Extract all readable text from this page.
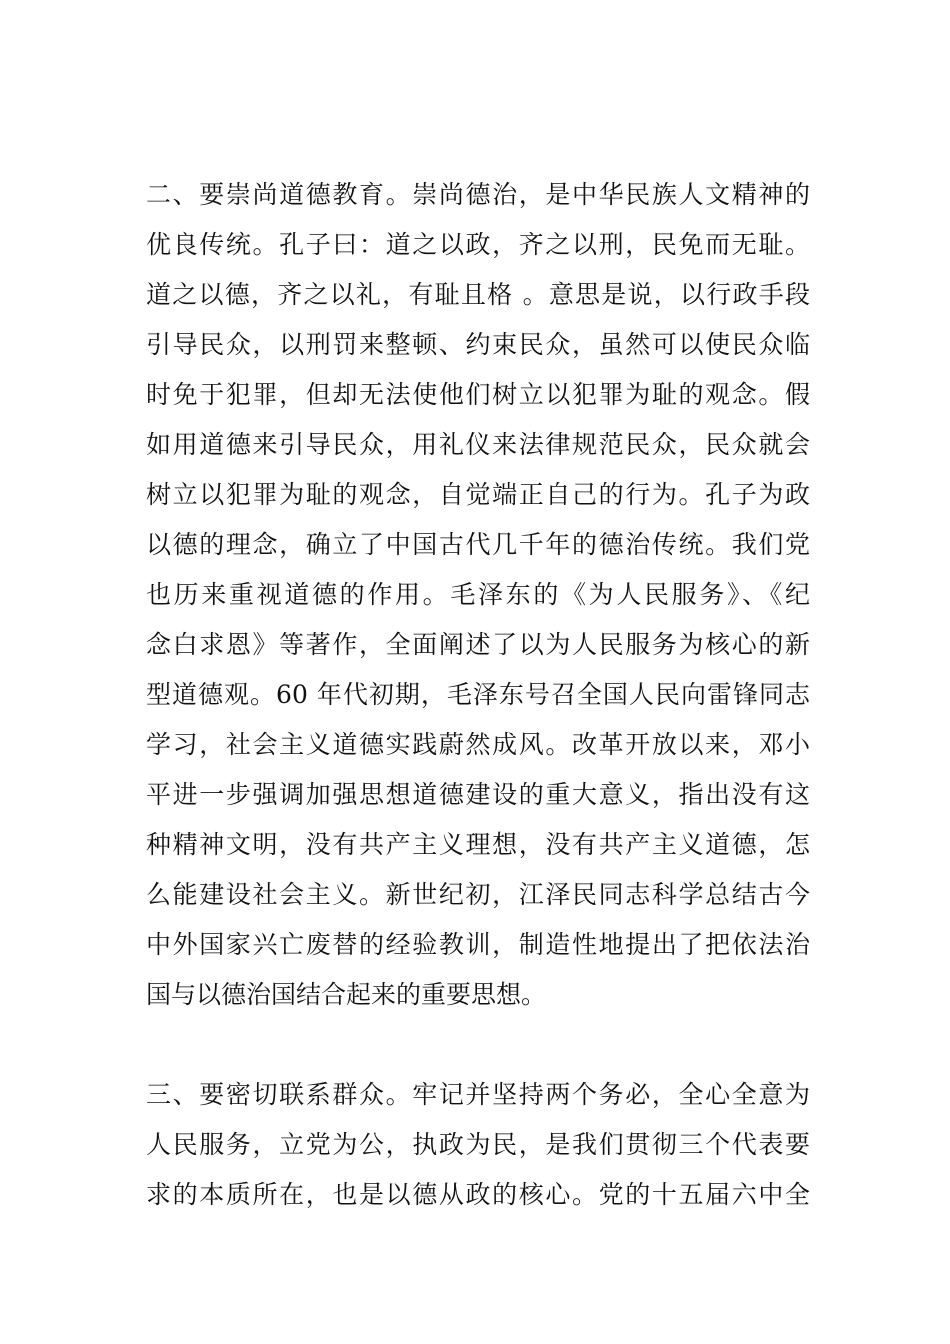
二、要崇尚道德教育。崇尚德治，是中华民族人文精神的
优良传统。孔子曰：道之以政，齐之以刑，民免而无耻。
道之以德，齐之以礼，有耻且格 。意思是说，以行政手段
引导民众，以刑罚来整顿、约束民众，虽然可以使民众临
时免于犯罪，但却无法使他们树立以犯罪为耻的观念。假
如用道德来引导民众，用礼仪来法律规范民众，民众就会
树立以犯罪为耻的观念，自觉端正自己的行为。孔子为政
以德的理念，确立了中国古代几千年的德治传统。我们党
也历来重视道德的作用。毛泽东的《为人民服务》、《纪
念白求恩》等著作，全面阐述了以为人民服务为核心的新
型道德观。60 年代初期，毛泽东号召全国人民向雷锋同志
学习，社会主义道德实践蔚然成风。改革开放以来，邓小
平进一步强调加强思想道德建设的重大意义，指出没有这
种精神文明，没有共产主义理想，没有共产主义道德，怎
么能建设社会主义。新世纪初，江泽民同志科学总结古今
中外国家兴亡废替的经验教训，制造性地提出了把依法治
国与以德治国结合起来的重要思想。
三、要密切联系群众。牢记并坚持两个务必，全心全意为
人民服务，立党为公，执政为民，是我们贯彻三个代表要
求的本质所在，也是以德从政的核心。党的十五届六中全
